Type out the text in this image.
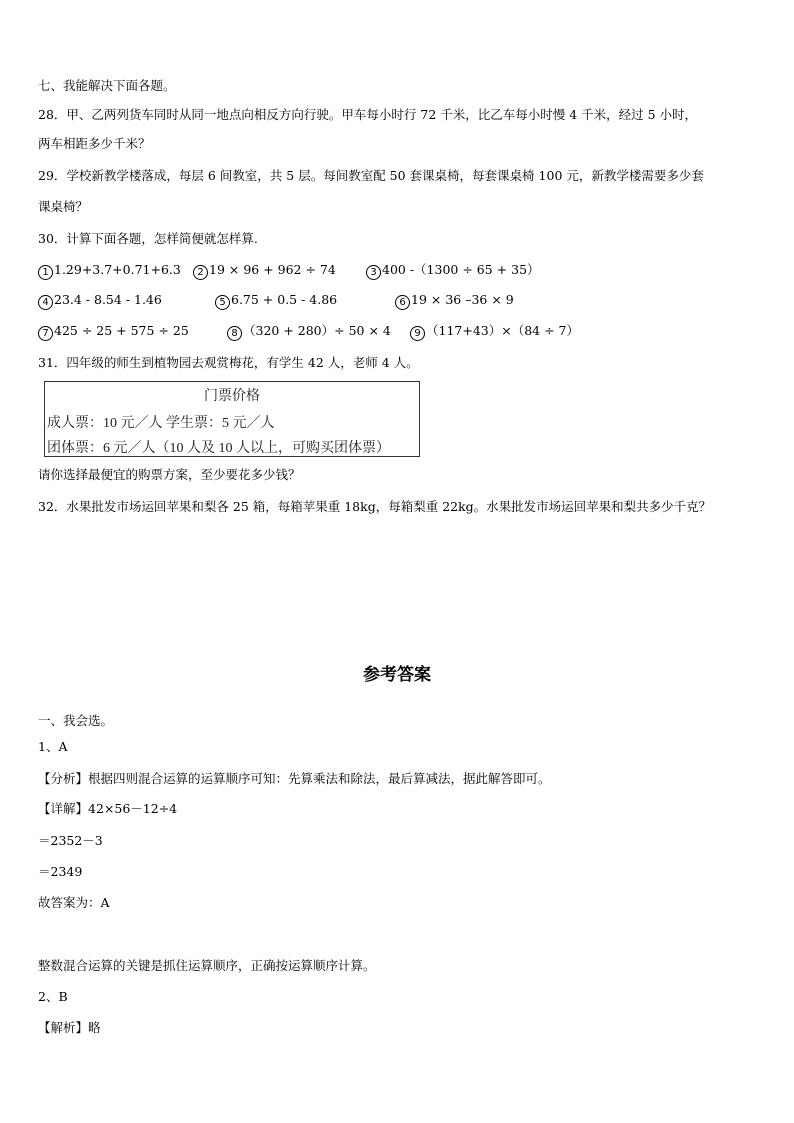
七、我能解决下面各题。
28．甲、乙两列货车同时从同一地点向相反方向行驶。甲车每小时行 72 千米，比乙车每小时慢 4 千米，经过 5 小时，
两车相距多少千米？
29．学校新教学楼落成，每层 6 间教室，共 5 层。每间教室配 50 套课桌椅，每套课桌椅 100 元，新教学楼需要多少套
课桌椅？
30．计算下面各题，怎样简便就怎样算.
1 1.29+3.7+0.71+6.3	2 19 × 96 + 962 ÷ 74	3 400 -（1300 ÷ 65 + 35）
4 23.4 - 8.54 - 1.46	5 6.75 + 0.5 - 4.86	6 19 × 36 –36 × 9
7 425 ÷ 25 + 575 ÷ 25	8 （320 + 280）÷ 50 × 4	9 （117+43）×（84 ÷ 7）
31．四年级的师生到植物园去观赏梅花，有学生 42 人，老师 4 人。
门票价格
成人票：10 元／人 学生票：5 元／人
团体票：6 元／人（10 人及 10 人以上，可购买团体票）
请你选择最便宜的购票方案，至少要花多少钱？
32．水果批发市场运回苹果和梨各 25 箱，每箱苹果重 18kg，每箱梨重 22kg。水果批发市场运回苹果和梨共多少千克？
参考答案
一、我会选。
1、A
【分析】根据四则混合运算的运算顺序可知：先算乘法和除法，最后算减法，据此解答即可。
【详解】42×56－12÷4
＝2352－3
＝2349
故答案为：A
整数混合运算的关键是抓住运算顺序，正确按运算顺序计算。
2、B
【解析】略
